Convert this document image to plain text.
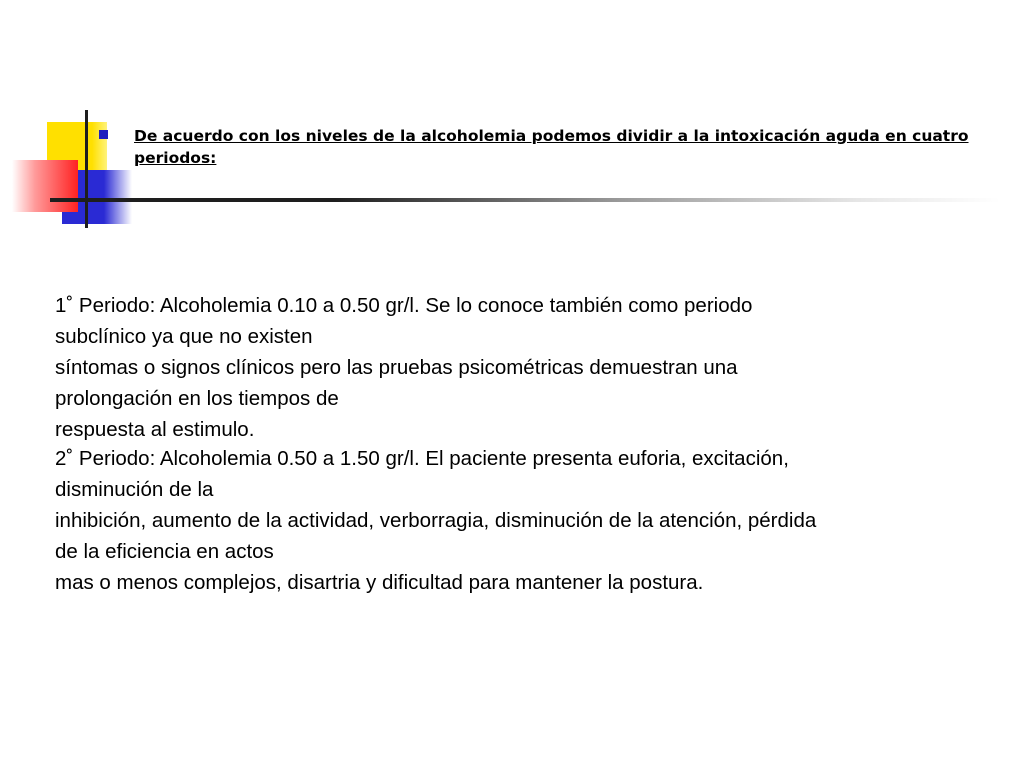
De acuerdo con los niveles de la alcoholemia podemos dividir a la intoxicación aguda en cuatro periodos:

1˚ Periodo: Alcoholemia 0.10 a 0.50 gr/l. Se lo conoce también como periodo
subclínico ya que no existen
síntomas o signos clínicos pero las pruebas psicométricas demuestran una
prolongación en los tiempos de
respuesta al estimulo.

2˚ Periodo: Alcoholemia 0.50 a 1.50 gr/l. El paciente presenta euforia, excitación,
disminución de la
inhibición, aumento de la actividad, verborragia, disminución de la atención, pérdida
de la eficiencia en actos
mas o menos complejos, disartria y dificultad para mantener la postura.
